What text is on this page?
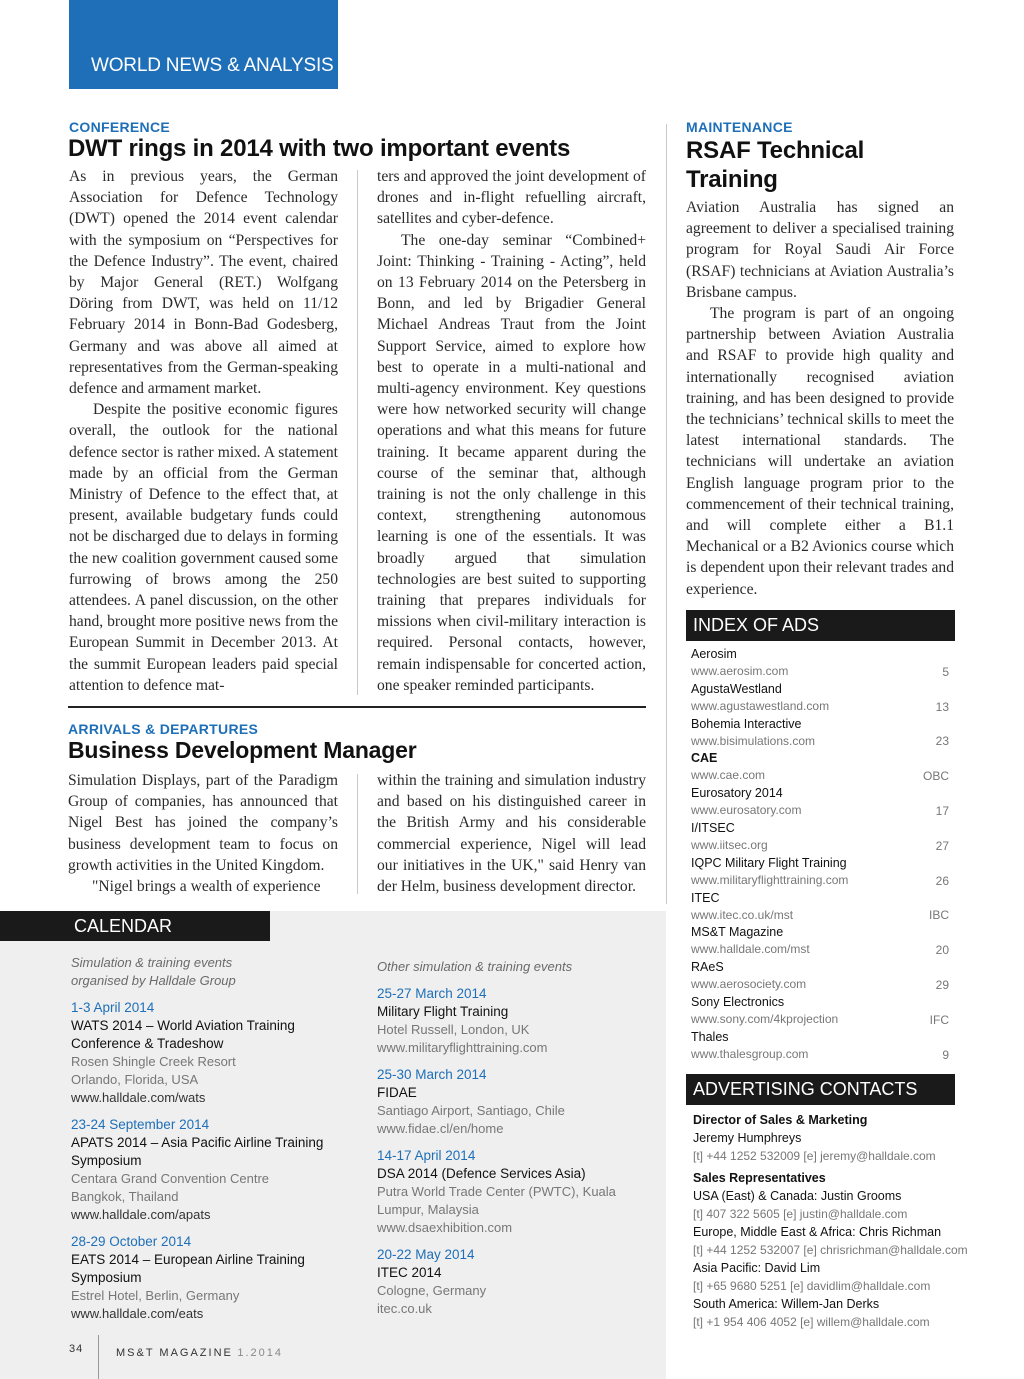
WORLD NEWS & ANALYSIS
CONFERENCE
DWT rings in 2014 with two important events

As in previous years, the German Association for Defence Technology (DWT) opened the 2014 event calendar with the symposium on “Perspectives for the Defence Industry”. The event, chaired by Major General (RET.) Wolfgang Döring from DWT, was held on 11/12 February 2014 in Bonn-Bad Godesberg, Germany and was above all aimed at representatives from the German-speaking defence and armament market.

Despite the positive economic figures overall, the outlook for the national defence sector is rather mixed. A statement made by an official from the German Ministry of Defence to the effect that, at present, available budgetary funds could not be discharged due to delays in forming the new coalition government caused some furrowing of brows among the 250 attendees. A panel discussion, on the other hand, brought more positive news from the European Summit in December 2013. At the summit European leaders paid special attention to defence mat-

ters and approved the joint development of drones and in-flight refuelling aircraft, satellites and cyber-defence.

The one-day seminar “Combined+ Joint: Thinking - Training - Acting”, held on 13 February 2014 on the Petersberg in Bonn, and led by Brigadier General Michael Andreas Traut from the Joint Support Service, aimed to explore how best to operate in a multi-national and multi-agency environment. Key questions were how networked security will change operations and what this means for future training. It became apparent during the course of the seminar that, although training is not the only challenge in this context, strengthening autonomous learning is one of the essentials. It was broadly argued that simulation technologies are best suited to supporting training that prepares individuals for missions when civil-military interaction is required. Personal contacts, however, remain indispensable for concerted action, one speaker reminded participants.

ARRIVALS & DEPARTURES
Business Development Manager

Simulation Displays, part of the Paradigm Group of companies, has announced that Nigel Best has joined the company’s business development team to focus on growth activities in the United Kingdom.

"Nigel brings a wealth of experience

within the training and simulation industry and based on his distinguished career in the British Army and his considerable commercial experience, Nigel will lead our initiatives in the UK," said Henry van der Helm, business development director.

MAINTENANCE
RSAF Technical Training

Aviation Australia has signed an agreement to deliver a specialised training program for Royal Saudi Air Force (RSAF) technicians at Aviation Australia’s Brisbane campus.

The program is part of an ongoing partnership between Aviation Australia and RSAF to provide high quality and internationally recognised aviation training, and has been designed to provide the technicians’ technical skills to meet the latest international standards. The technicians will undertake an aviation English language program prior to the commencement of their technical training, and will complete either a B1.1 Mechanical or a B2 Avionics course which is dependent upon their relevant trades and experience.

CALENDAR
Simulation & training events
organised by Halldale Group
1-3 April 2014
WATS 2014 – World Aviation Training
Conference & Tradeshow
Rosen Shingle Creek Resort
Orlando, Florida, USA
www.halldale.com/wats
23-24 September 2014
APATS 2014 – Asia Pacific Airline Training
Symposium
Centara Grand Convention Centre
Bangkok, Thailand
www.halldale.com/apats
28-29 October 2014
EATS 2014 – European Airline Training
Symposium
Estrel Hotel, Berlin, Germany
www.halldale.com/eats
Other simulation & training events
25-27 March 2014
Military Flight Training
Hotel Russell, London, UK
www.militaryflighttraining.com
25-30 March 2014
FIDAE
Santiago Airport, Santiago, Chile
www.fidae.cl/en/home
14-17 April 2014
DSA 2014 (Defence Services Asia)
Putra World Trade Center (PWTC), Kuala
Lumpur, Malaysia
www.dsaexhibition.com
20-22 May 2014
ITEC 2014
Cologne, Germany
itec.co.uk
INDEX OF ADS
Aerosim
www.aerosim.com	5
AgustaWestland
www.agustawestland.com	13
Bohemia Interactive
www.bisimulations.com	23
CAE
www.cae.com	OBC
Eurosatory 2014
www.eurosatory.com	17
I/ITSEC
www.iitsec.org	27
IQPC Military Flight Training
www.militaryflighttraining.com	26
ITEC
www.itec.co.uk/mst	IBC
MS&T Magazine
www.halldale.com/mst	20
RAeS
www.aerosociety.com	29
Sony Electronics
www.sony.com/4kprojection	IFC
Thales
www.thalesgroup.com	9
ADVERTISING CONTACTS
Director of Sales & Marketing
Jeremy Humphreys
[t] +44 1252 532009 [e] jeremy@halldale.com
Sales Representatives
USA (East) & Canada: Justin Grooms
[t] 407 322 5605 [e] justin@halldale.com
Europe, Middle East & Africa: Chris Richman
[t] +44 1252 532007 [e] chrisrichman@halldale.com
Asia Pacific: David Lim
[t] +65 9680 5251 [e] davidlim@halldale.com
South America: Willem-Jan Derks
[t] +1 954 406 4052 [e] willem@halldale.com
34	MS&T MAGAZINE 1.2014
